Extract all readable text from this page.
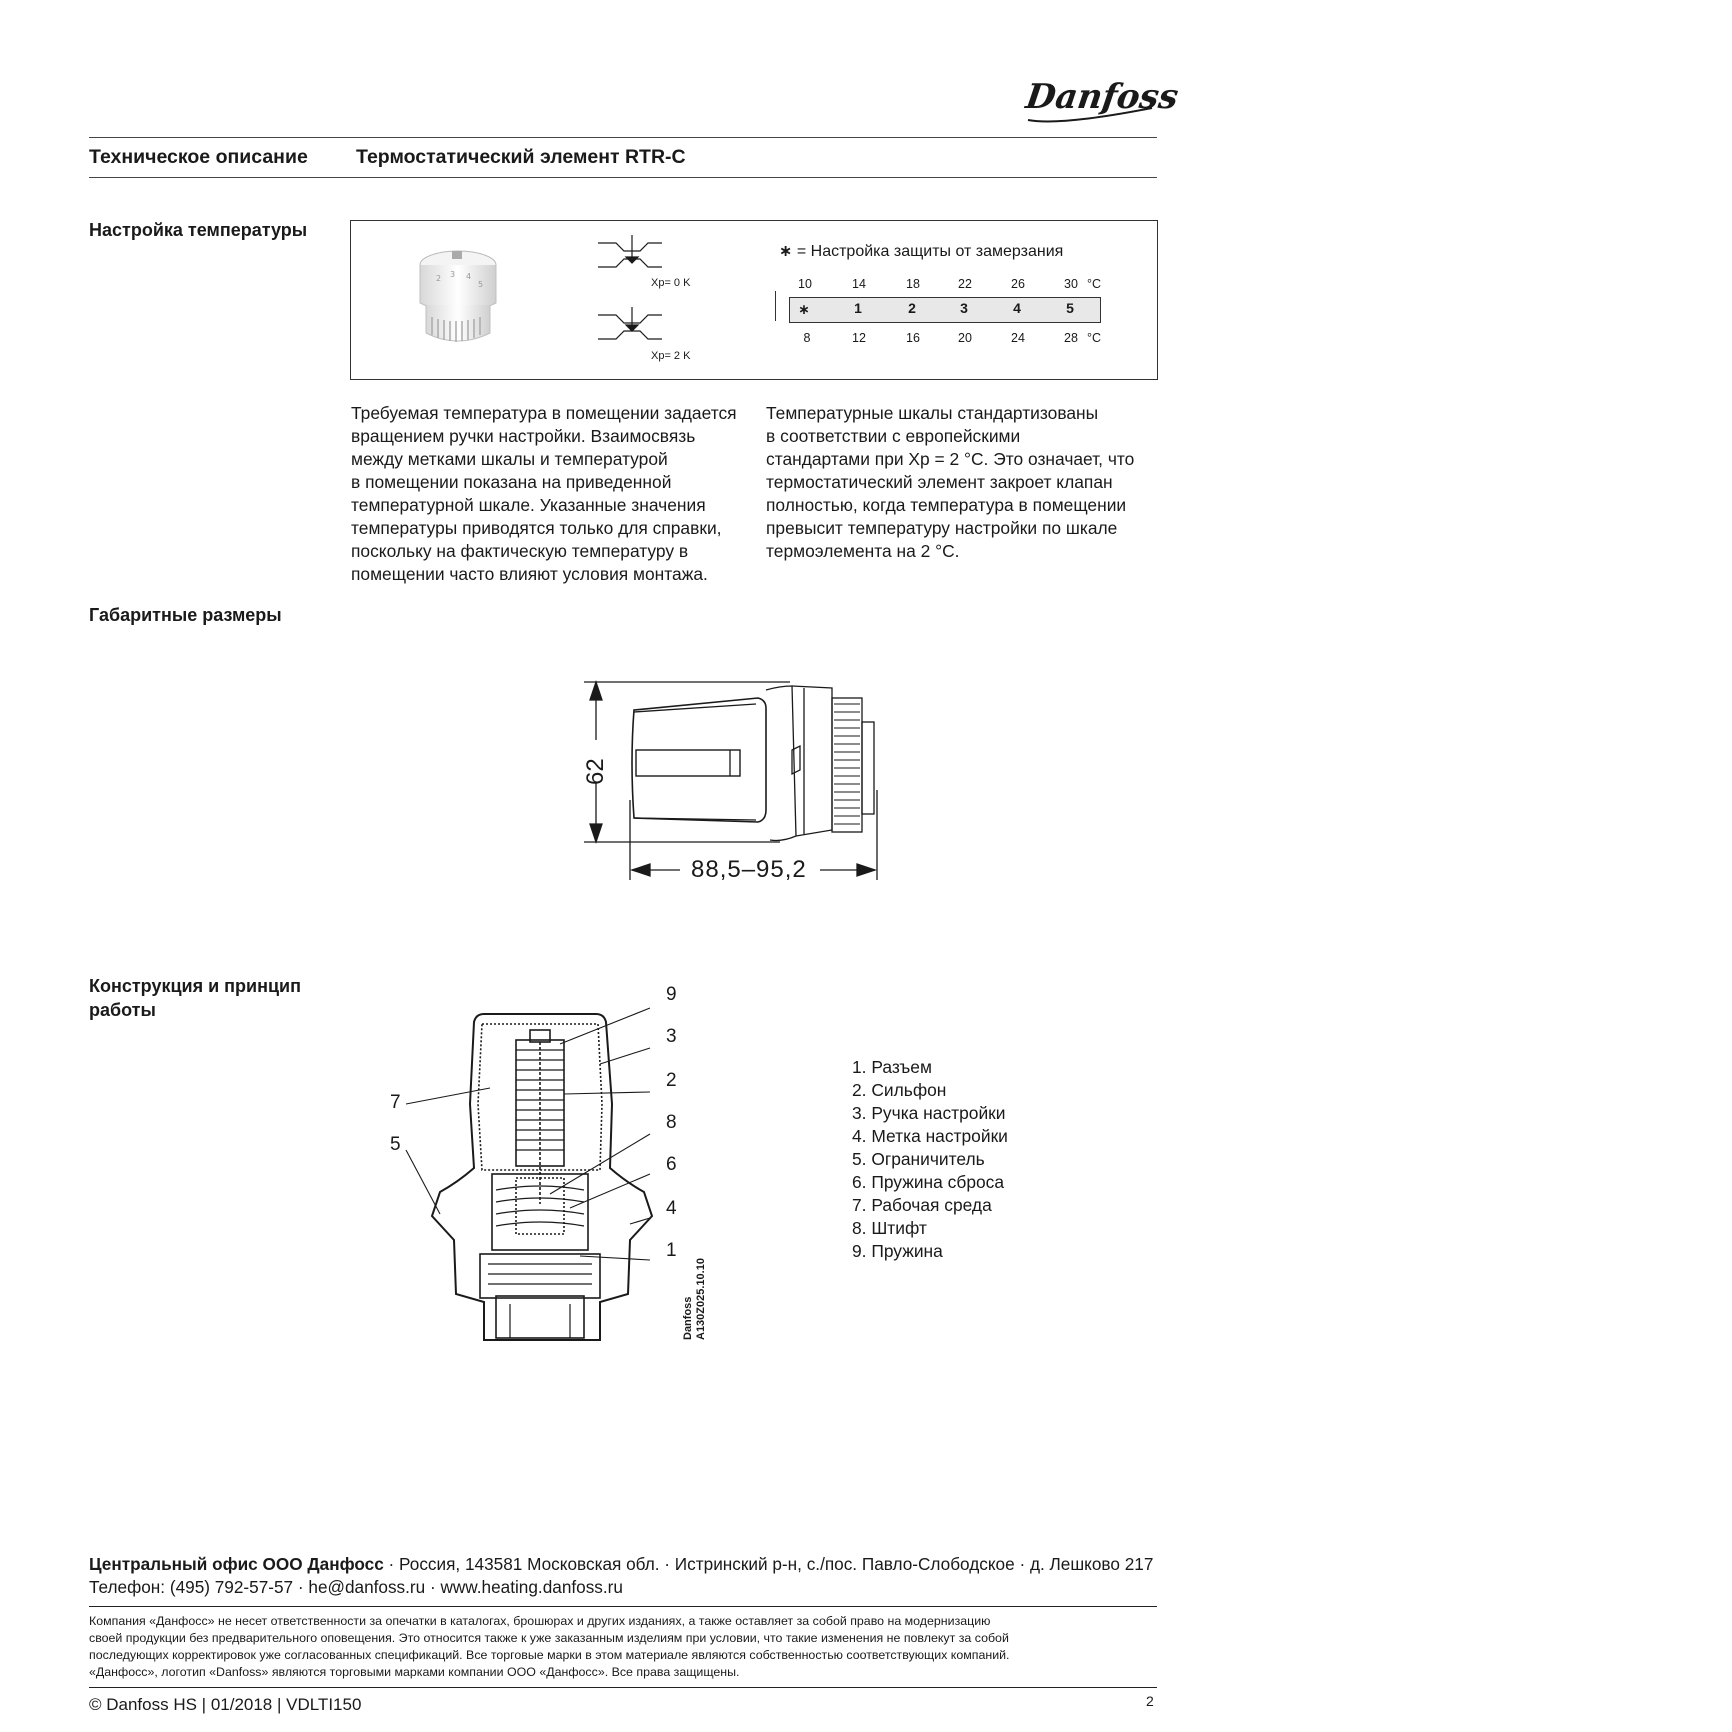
Danfoss
Техническое описание Термостатический элемент RTR-C
Настройка температуры
2 3 4
5	Xp= 0 K
Xp= 2 K
∗ = Настройка защиты от замерзания
10	14	18	22	26	30 °C
8	12	16	20	24	28 °C
∗	1	2	3	4	5
Требуемая температура в помещении задается
вращением ручки настройки. Взаимосвязь
между метками шкалы и температурой
в помещении показана на приведенной
температурной шкале. Указанные значения
температуры приводятся только для справки,
поскольку на фактическую температуру в
помещении часто влияют условия монтажа.
Температурные шкалы стандартизованы
в соответствии с европейскими
стандартами при Xp = 2 °C. Это означает, что
термостатический элемент закроет клапан
полностью, когда температура в помещении
превысит температуру настройки по шкале
термоэлемента на 2 °C.
Габаритные размеры
62
88,5–95,2
Конструкция и принцип
работы
9
3
2
7
8
5
6
4
1
Danfoss A130Z025.10.10
1. Разъем
2. Сильфон
3. Ручка настройки
4. Метка настройки
5. Ограничитель
6. Пружина сброса
7. Рабочая среда
8. Штифт
9. Пружина
Центральный офис ООО Данфосс · Россия, 143581 Московская обл. · Истринский р-н, с./пос. Павло-Слободское · д. Лешково 217
Телефон: (495) 792-57-57 · he@danfoss.ru · www.heating.danfoss.ru
Компания «Данфосс» не несет ответственности за опечатки в каталогах, брошюрах и других изданиях, а также оставляет за собой право на модернизацию
своей продукции без предварительного оповещения. Это относится также к уже заказанным изделиям при условии, что такие изменения не повлекут за собой
последующих корректировок уже согласованных спецификаций. Все торговые марки в этом материале являются собственностью соответствующих компаний.
«Данфосс», логотип «Danfoss» являются торговыми марками компании ООО «Данфосс». Все права защищены.
© Danfoss HS | 01/2018 | VDLTI150	2
